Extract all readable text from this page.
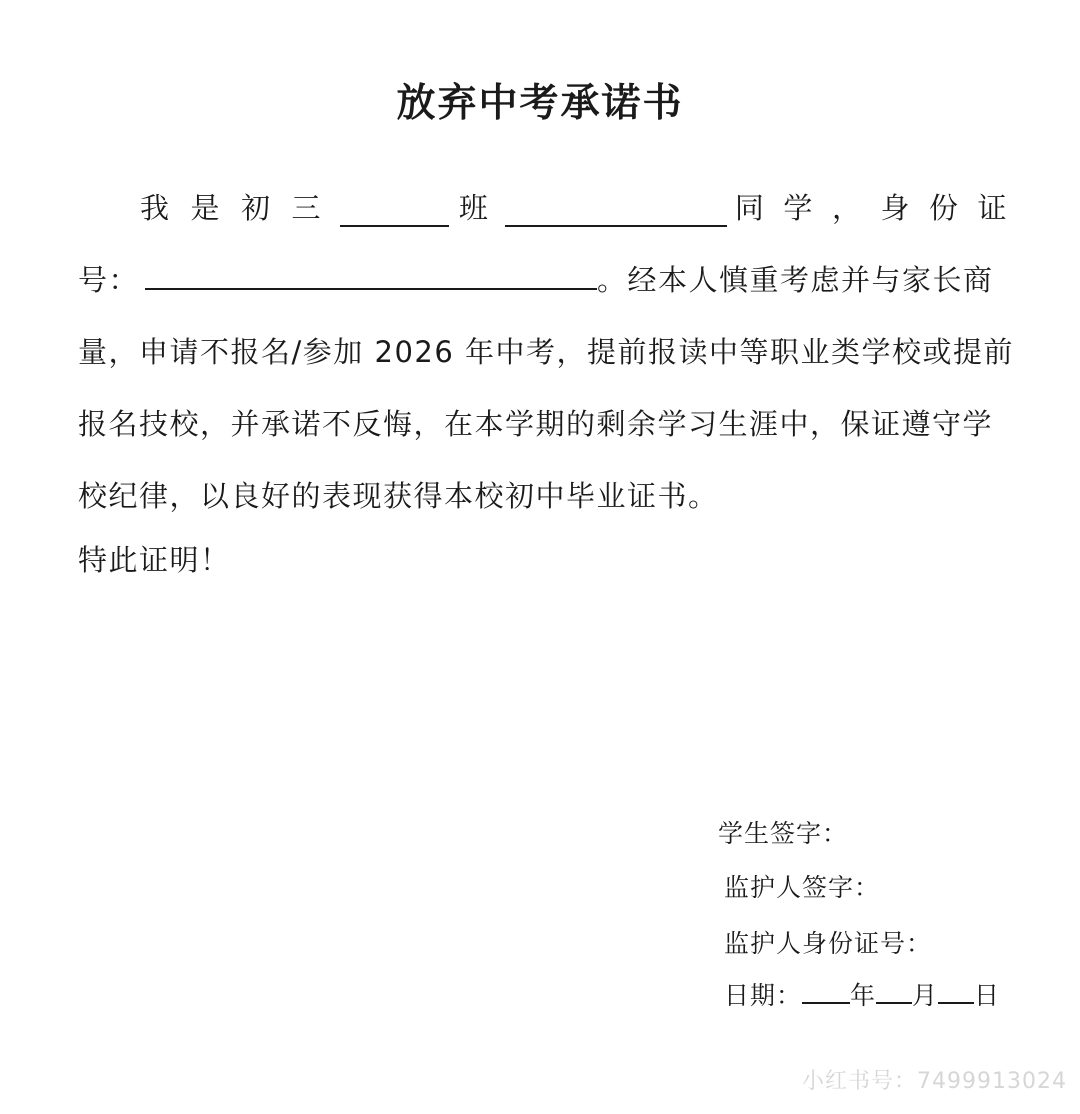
放弃中考承诺书
我 是 初 三	班	同 学 ， 身 份 证
号：	。经本人慎重考虑并与家长商
量，申请不报名/参加 2026 年中考，提前报读中等职业类学校或提前
报名技校，并承诺不反悔，在本学期的剩余学习生涯中，保证遵守学
校纪律，以良好的表现获得本校初中毕业证书。
特此证明！
学生签字：
监护人签字：
监护人身份证号：
日期： 年 月 日
小红书号：7499913024
